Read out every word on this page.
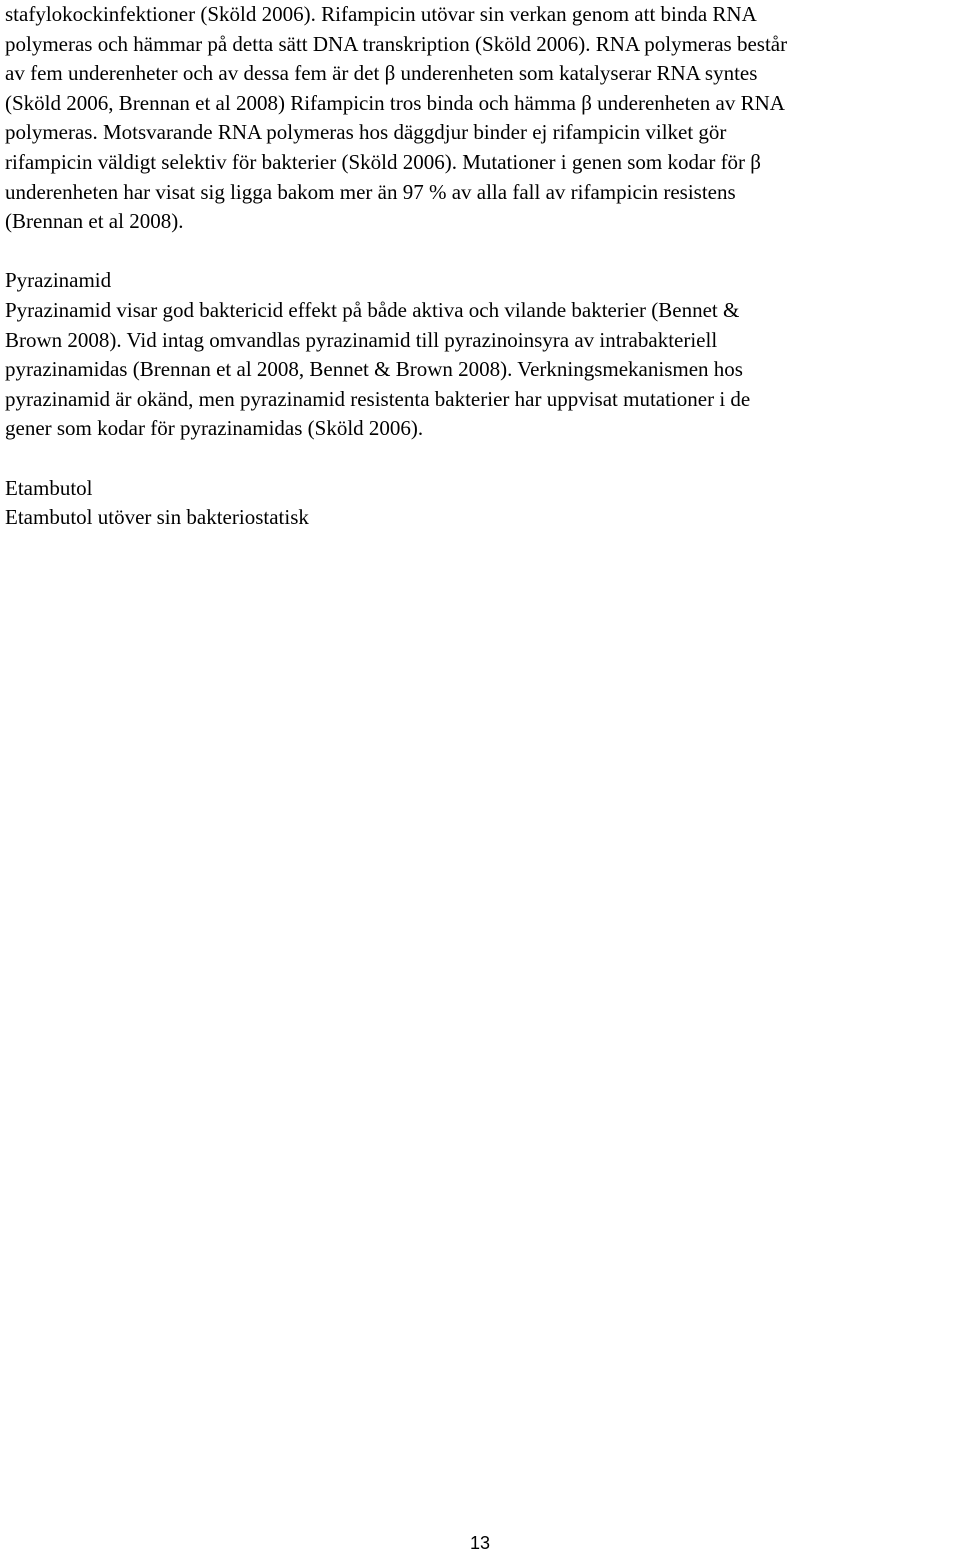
stafylokockinfektioner (Sköld 2006). Rifampicin utövar sin verkan genom att binda RNA
polymeras och hämmar på detta sätt DNA transkription (Sköld 2006). RNA polymeras består
av fem underenheter och av dessa fem är det β underenheten som katalyserar RNA syntes
(Sköld 2006, Brennan et al 2008) Rifampicin tros binda och hämma β underenheten av RNA
polymeras. Motsvarande RNA polymeras hos däggdjur binder ej rifampicin vilket gör
rifampicin väldigt selektiv för bakterier (Sköld 2006). Mutationer i genen som kodar för β
underenheten har visat sig ligga bakom mer än 97 % av alla fall av rifampicin resistens
(Brennan et al 2008).
Pyrazinamid
Pyrazinamid visar god baktericid effekt på både aktiva och vilande bakterier (Bennet &
Brown 2008). Vid intag omvandlas pyrazinamid till pyrazinoinsyra av intrabakteriell
pyrazinamidas (Brennan et al 2008, Bennet & Brown 2008). Verkningsmekanismen hos
pyrazinamid är okänd, men pyrazinamid resistenta bakterier har uppvisat mutationer i de
gener som kodar för pyrazinamidas (Sköld 2006).
Etambutol
Etambutol utöver sin bakteriostatisk
13
